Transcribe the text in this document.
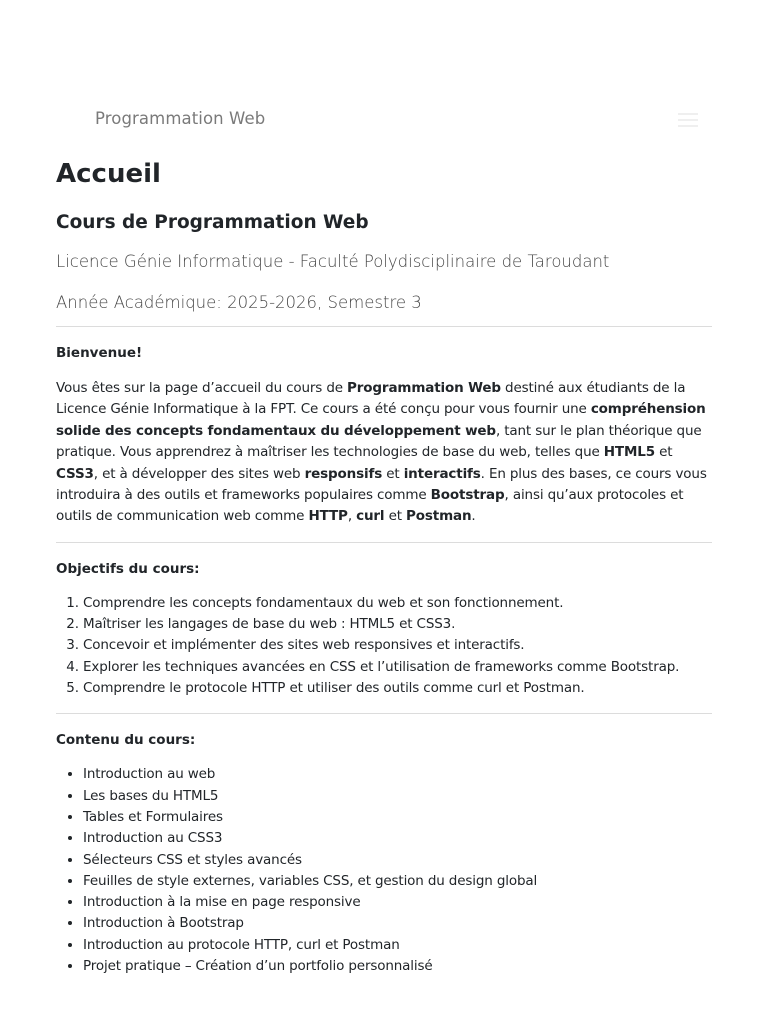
Programmation Web
Accueil
Cours de Programmation Web

Licence Génie Informatique - Faculté Polydisciplinaire de Taroudant

Année Académique: 2025-2026, Semestre 3

Bienvenue!

Vous êtes sur la page d’accueil du cours de Programmation Web destiné aux étudiants de la Licence Génie Informatique à la FPT. Ce cours a été conçu pour vous fournir une compréhension solide des concepts fondamentaux du développement web, tant sur le plan théorique que pratique. Vous apprendrez à maîtriser les technologies de base du web, telles que HTML5 et CSS3, et à développer des sites web responsifs et interactifs. En plus des bases, ce cours vous introduira à des outils et frameworks populaires comme Bootstrap, ainsi qu’aux protocoles et outils de communication web comme HTTP, curl et Postman.

Objectifs du cours:
1. Comprendre les concepts fondamentaux du web et son fonctionnement.
2. Maîtriser les langages de base du web : HTML5 et CSS3.
3. Concevoir et implémenter des sites web responsives et interactifs.
4. Explorer les techniques avancées en CSS et l’utilisation de frameworks comme Bootstrap.
5. Comprendre le protocole HTTP et utiliser des outils comme curl et Postman.
Contenu du cours:
• Introduction au web
• Les bases du HTML5
• Tables et Formulaires
• Introduction au CSS3
• Sélecteurs CSS et styles avancés
• Feuilles de style externes, variables CSS, et gestion du design global
• Introduction à la mise en page responsive
• Introduction à Bootstrap
• Introduction au protocole HTTP, curl et Postman
• Projet pratique – Création d’un portfolio personnalisé
